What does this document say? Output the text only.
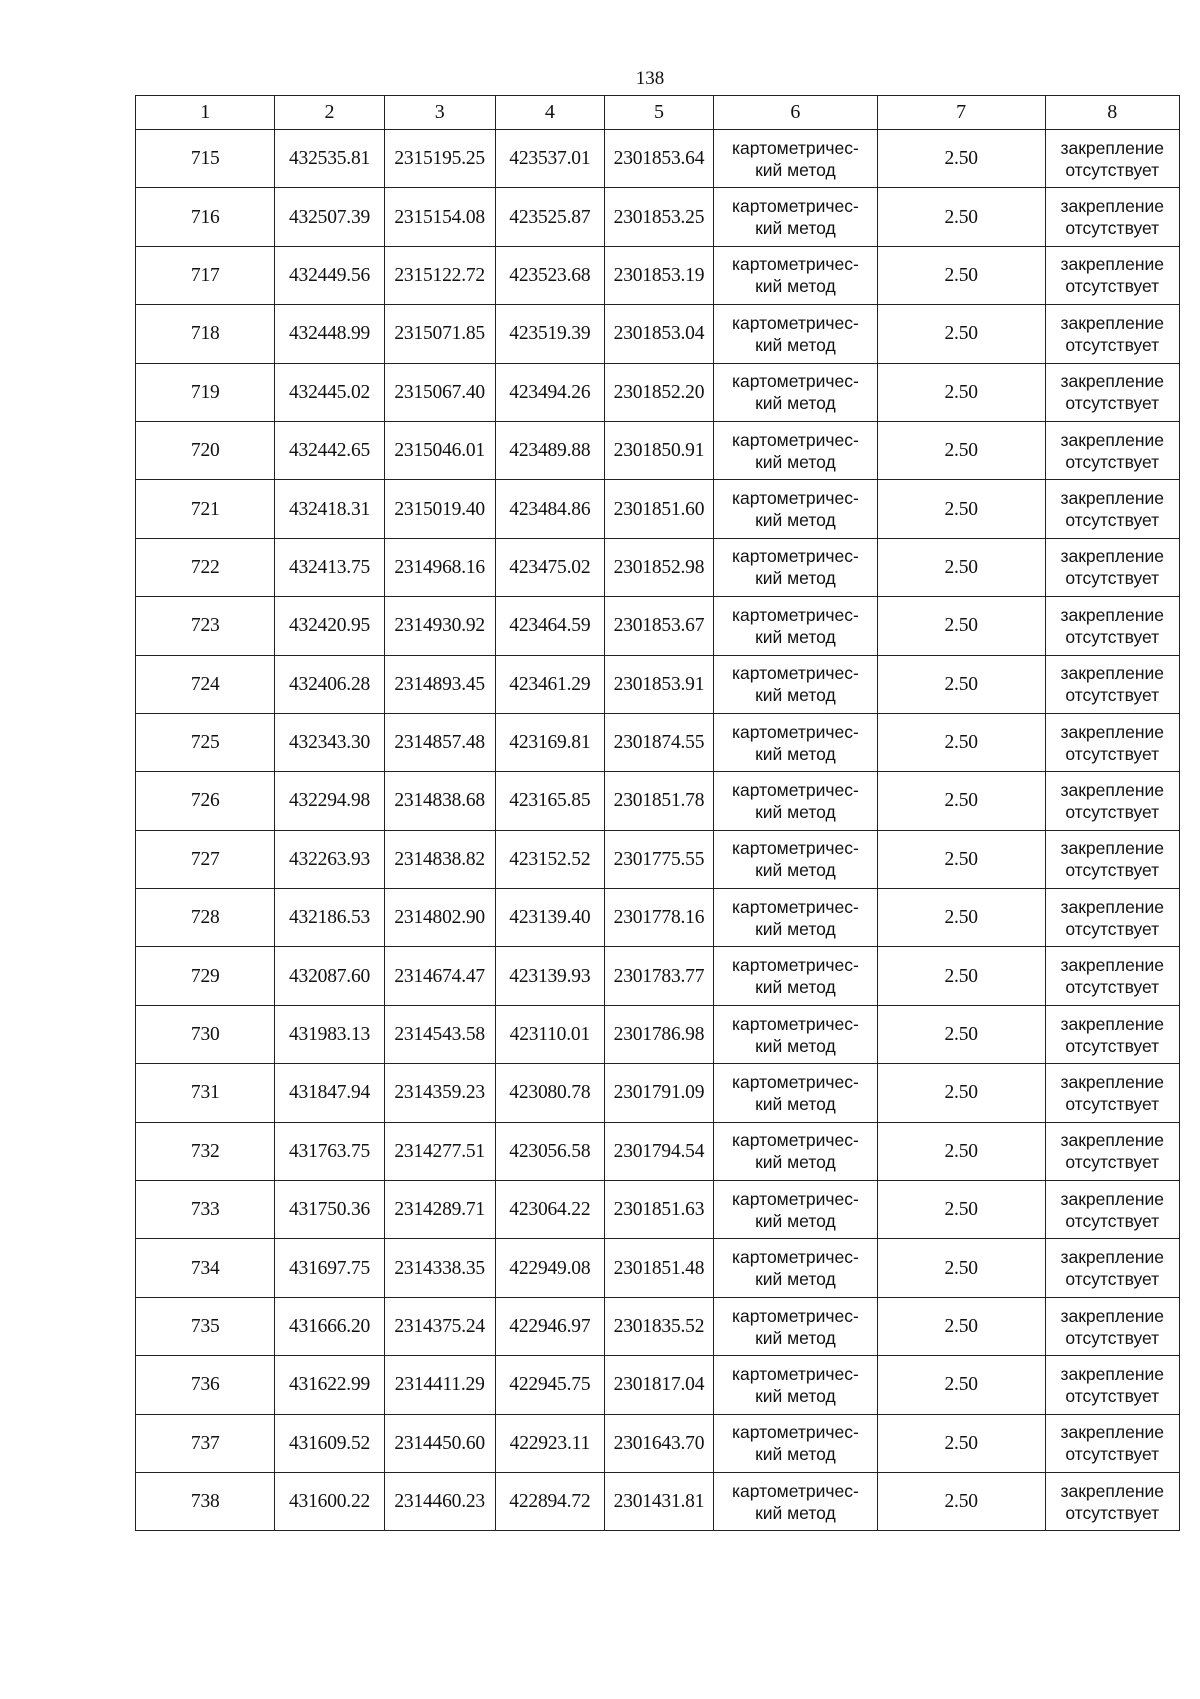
138
1	2	3	4	5	6	7	8
715	432535.81	2315195.25	423537.01	2301853.64	картометричес-
кий метод	2.50	закрепление
отсутствует

716	432507.39	2315154.08	423525.87	2301853.25	картометричес-
кий метод	2.50	закрепление
отсутствует

717	432449.56	2315122.72	423523.68	2301853.19	картометричес-
кий метод	2.50	закрепление
отсутствует

718	432448.99	2315071.85	423519.39	2301853.04	картометричес-
кий метод	2.50	закрепление
отсутствует

719	432445.02	2315067.40	423494.26	2301852.20	картометричес-
кий метод	2.50	закрепление
отсутствует

720	432442.65	2315046.01	423489.88	2301850.91	картометричес-
кий метод	2.50	закрепление
отсутствует

721	432418.31	2315019.40	423484.86	2301851.60	картометричес-
кий метод	2.50	закрепление
отсутствует

722	432413.75	2314968.16	423475.02	2301852.98	картометричес-
кий метод	2.50	закрепление
отсутствует

723	432420.95	2314930.92	423464.59	2301853.67	картометричес-
кий метод	2.50	закрепление
отсутствует

724	432406.28	2314893.45	423461.29	2301853.91	картометричес-
кий метод	2.50	закрепление
отсутствует

725	432343.30	2314857.48	423169.81	2301874.55	картометричес-
кий метод	2.50	закрепление
отсутствует

726	432294.98	2314838.68	423165.85	2301851.78	картометричес-
кий метод	2.50	закрепление
отсутствует

727	432263.93	2314838.82	423152.52	2301775.55	картометричес-
кий метод	2.50	закрепление
отсутствует

728	432186.53	2314802.90	423139.40	2301778.16	картометричес-
кий метод	2.50	закрепление
отсутствует

729	432087.60	2314674.47	423139.93	2301783.77	картометричес-
кий метод	2.50	закрепление
отсутствует

730	431983.13	2314543.58	423110.01	2301786.98	картометричес-
кий метод	2.50	закрепление
отсутствует

731	431847.94	2314359.23	423080.78	2301791.09	картометричес-
кий метод	2.50	закрепление
отсутствует

732	431763.75	2314277.51	423056.58	2301794.54	картометричес-
кий метод	2.50	закрепление
отсутствует

733	431750.36	2314289.71	423064.22	2301851.63	картометричес-
кий метод	2.50	закрепление
отсутствует

734	431697.75	2314338.35	422949.08	2301851.48	картометричес-
кий метод	2.50	закрепление
отсутствует

735	431666.20	2314375.24	422946.97	2301835.52	картометричес-
кий метод	2.50	закрепление
отсутствует

736	431622.99	2314411.29	422945.75	2301817.04	картометричес-
кий метод	2.50	закрепление
отсутствует

737	431609.52	2314450.60	422923.11	2301643.70	картометричес-
кий метод	2.50	закрепление
отсутствует

738	431600.22	2314460.23	422894.72	2301431.81	картометричес-
кий метод	2.50	закрепление
отсутствует
